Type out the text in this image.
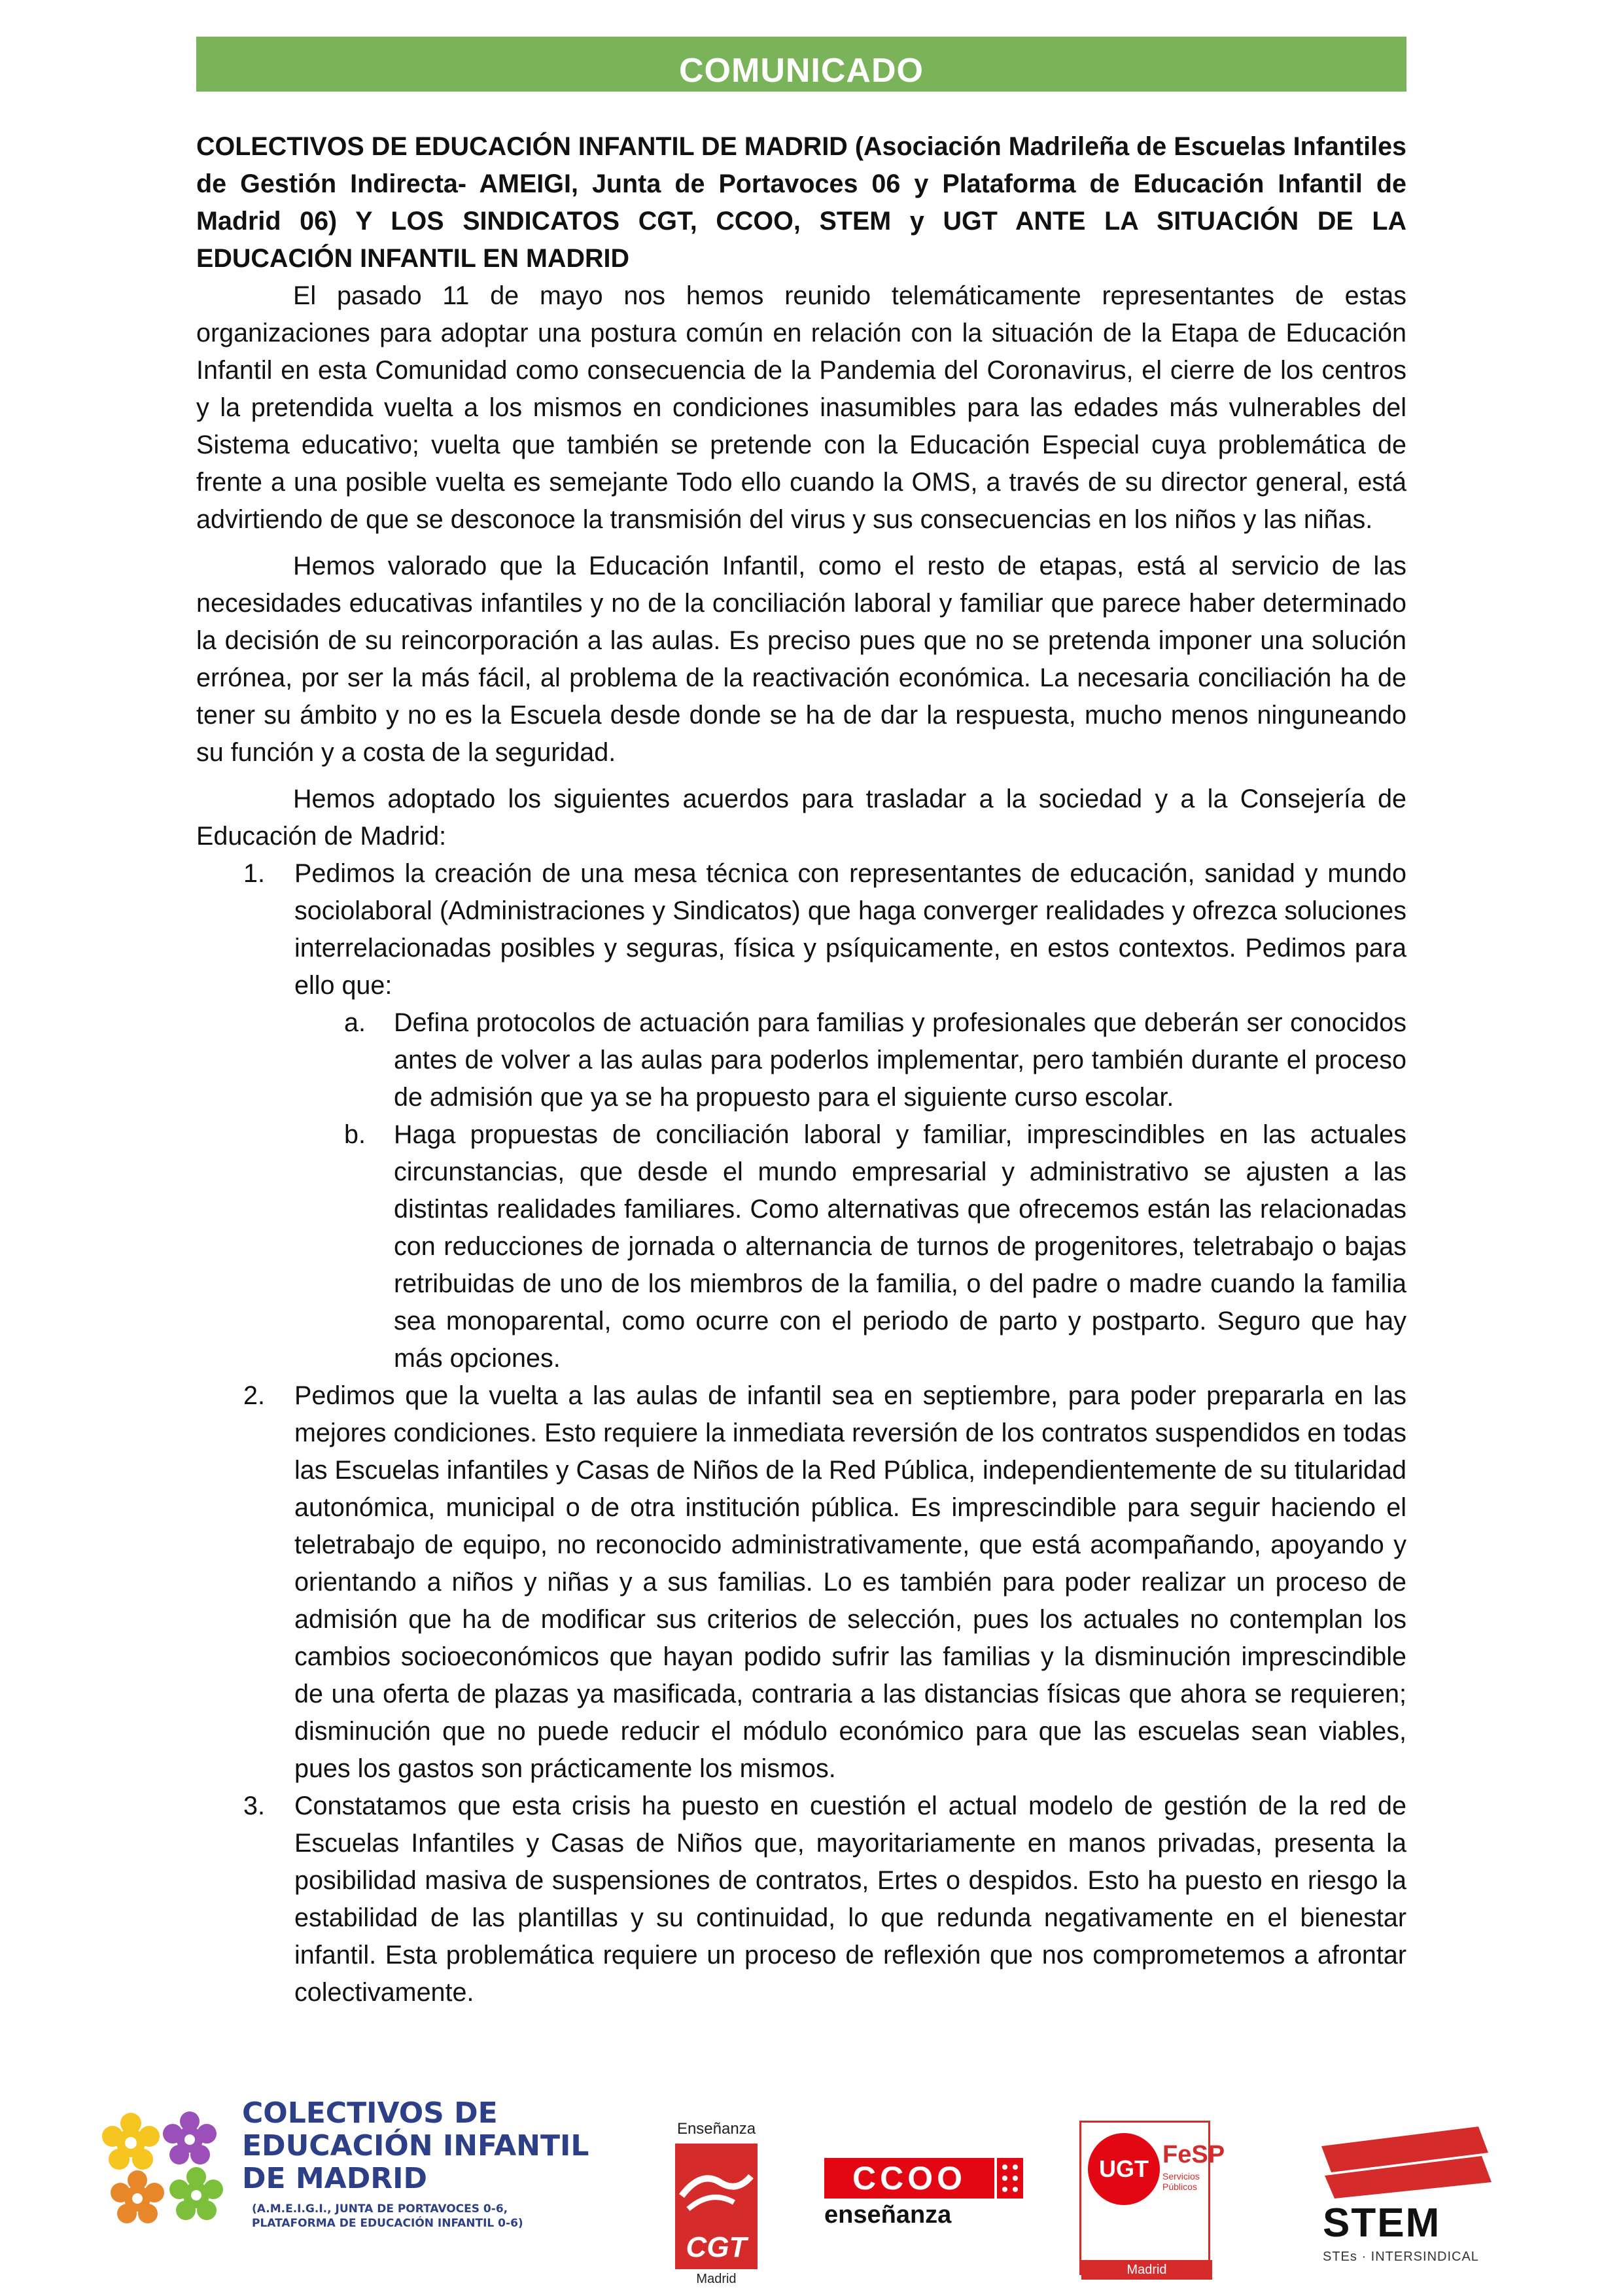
COMUNICADO

COLECTIVOS DE EDUCACIÓN INFANTIL DE MADRID (Asociación Madrileña de Escuelas Infantiles de Gestión Indirecta- AMEIGI, Junta de Portavoces 06 y Plataforma de Educación Infantil de Madrid 06) Y LOS SINDICATOS CGT, CCOO, STEM y UGT ANTE LA SITUACIÓN DE LA EDUCACIÓN INFANTIL EN MADRID

El pasado 11 de mayo nos hemos reunido telemáticamente representantes de estas organizaciones para adoptar una postura común en relación con la situación de la Etapa de Educación Infantil en esta Comunidad como consecuencia de la Pandemia del Coronavirus, el cierre de los centros y la pretendida vuelta a los mismos en condiciones inasumibles para las edades más vulnerables del Sistema educativo; vuelta que también se pretende con la Educación Especial cuya problemática de frente a una posible vuelta es semejante Todo ello cuando la OMS, a través de su director general, está advirtiendo de que se desconoce la transmisión del virus y sus consecuencias en los niños y las niñas.

Hemos valorado que la Educación Infantil, como el resto de etapas, está al servicio de las necesidades educativas infantiles y no de la conciliación laboral y familiar que parece haber determinado la decisión de su reincorporación a las aulas. Es preciso pues que no se pretenda imponer una solución errónea, por ser la más fácil, al problema de la reactivación económica. La necesaria conciliación ha de tener su ámbito y no es la Escuela desde donde se ha de dar la respuesta, mucho menos ninguneando su función y a costa de la seguridad.

Hemos adoptado los siguientes acuerdos para trasladar a la sociedad y a la Consejería de Educación de Madrid:

1. Pedimos la creación de una mesa técnica con representantes de educación, sanidad y mundo sociolaboral (Administraciones y Sindicatos) que haga converger realidades y ofrezca soluciones interrelacionadas posibles y seguras, física y psíquicamente, en estos contextos. Pedimos para ello que:

a. Defina protocolos de actuación para familias y profesionales que deberán ser conocidos antes de volver a las aulas para poderlos implementar, pero también durante el proceso de admisión que ya se ha propuesto para el siguiente curso escolar.

b. Haga propuestas de conciliación laboral y familiar, imprescindibles en las actuales circunstancias, que desde el mundo empresarial y administrativo se ajusten a las distintas realidades familiares. Como alternativas que ofrecemos están las relacionadas con reducciones de jornada o alternancia de turnos de progenitores, teletrabajo o bajas retribuidas de uno de los miembros de la familia, o del padre o madre cuando la familia sea monoparental, como ocurre con el periodo de parto y postparto. Seguro que hay más opciones.

2. Pedimos que la vuelta a las aulas de infantil sea en septiembre, para poder prepararla en las mejores condiciones. Esto requiere la inmediata reversión de los contratos suspendidos en todas las Escuelas infantiles y Casas de Niños de la Red Pública, independientemente de su titularidad autonómica, municipal o de otra institución pública. Es imprescindible para seguir haciendo el teletrabajo de equipo, no reconocido administrativamente, que está acompañando, apoyando y orientando a niños y niñas y a sus familias. Lo es también para poder realizar un proceso de admisión que ha de modificar sus criterios de selección, pues los actuales no contemplan los cambios socioeconómicos que hayan podido sufrir las familias y la disminución imprescindible de una oferta de plazas ya masificada, contraria a las distancias físicas que ahora se requieren; disminución que no puede reducir el módulo económico para que las escuelas sean viables, pues los gastos son prácticamente los mismos.

3. Constatamos que esta crisis ha puesto en cuestión el actual modelo de gestión de la red de Escuelas Infantiles y Casas de Niños que, mayoritariamente en manos privadas, presenta la posibilidad masiva de suspensiones de contratos, Ertes o despidos. Esto ha puesto en riesgo la estabilidad de las plantillas y su continuidad, lo que redunda negativamente en el bienestar infantil. Esta problemática requiere un proceso de reflexión que nos comprometemos a afrontar colectivamente.

COLECTIVOS DE
EDUCACIÓN INFANTIL
DE MADRID
(A.M.E.I.G.I., JUNTA DE PORTAVOCES 0-6,
PLATAFORMA DE EDUCACIÓN INFANTIL 0-6)
Enseñanza
CGT
Madrid
CCOO
enseñanza
UGT
FeSP
Servicios Públicos
Madrid
STEM
STEs · INTERSINDICAL
